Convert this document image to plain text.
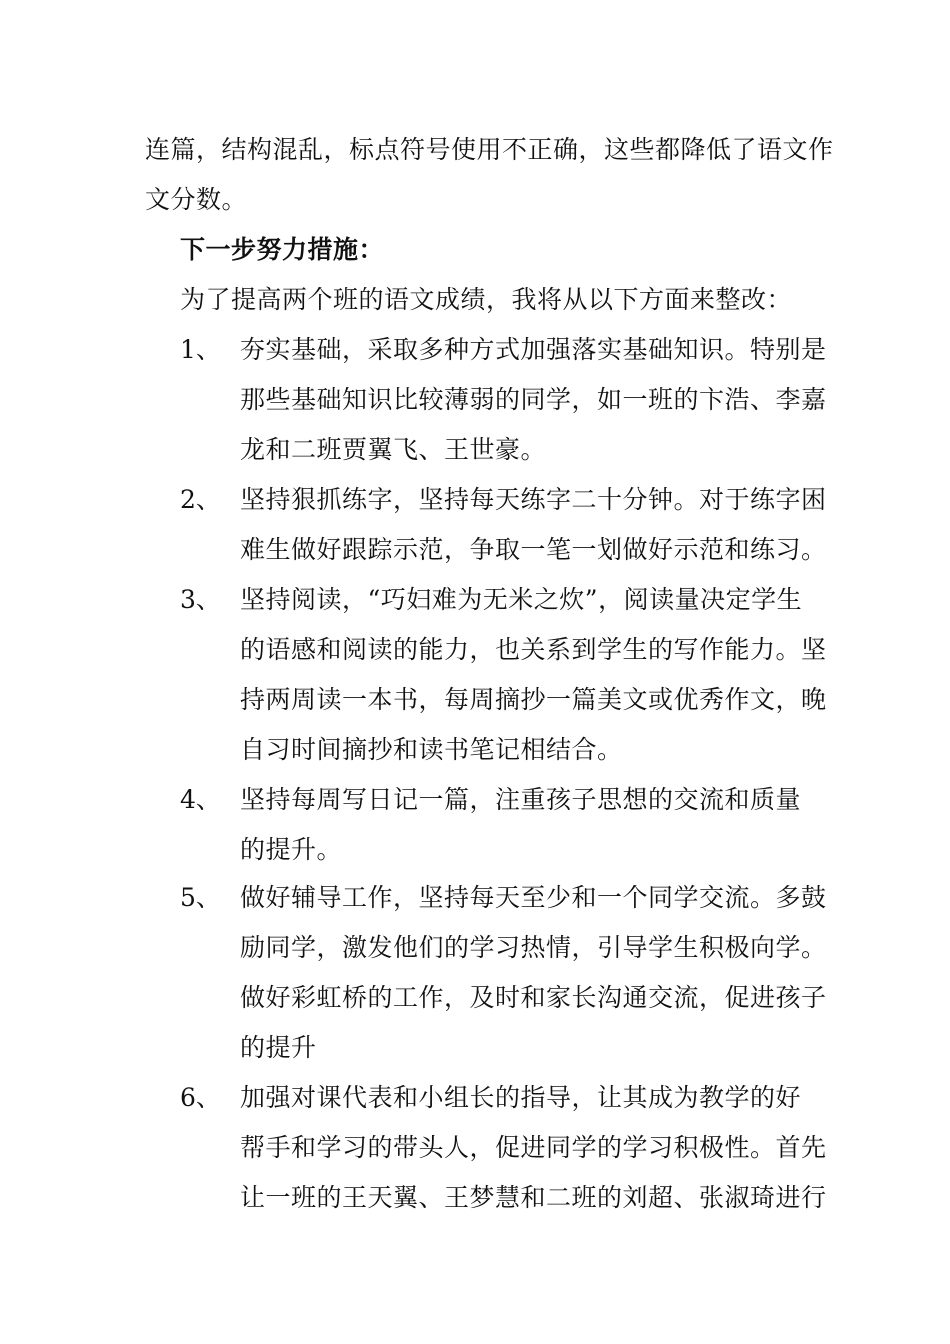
连篇，结构混乱，标点符号使用不正确，这些都降低了语文作
文分数。
下一步努力措施：
为了提高两个班的语文成绩，我将从以下方面来整改：
1、 夯实基础，采取多种方式加强落实基础知识。特别是
那些基础知识比较薄弱的同学，如一班的卞浩、李嘉
龙和二班贾翼飞、王世豪。
2、 坚持狠抓练字，坚持每天练字二十分钟。对于练字困
难生做好跟踪示范，争取一笔一划做好示范和练习。
3、 坚持阅读，“巧妇难为无米之炊”，阅读量决定学生
的语感和阅读的能力，也关系到学生的写作能力。坚
持两周读一本书，每周摘抄一篇美文或优秀作文，晚
自习时间摘抄和读书笔记相结合。
4、 坚持每周写日记一篇，注重孩子思想的交流和质量
的提升。
5、 做好辅导工作，坚持每天至少和一个同学交流。多鼓
励同学，激发他们的学习热情，引导学生积极向学。
做好彩虹桥的工作，及时和家长沟通交流，促进孩子
的提升
6、 加强对课代表和小组长的指导，让其成为教学的好
帮手和学习的带头人，促进同学的学习积极性。首先
让一班的王天翼、王梦慧和二班的刘超、张淑琦进行
